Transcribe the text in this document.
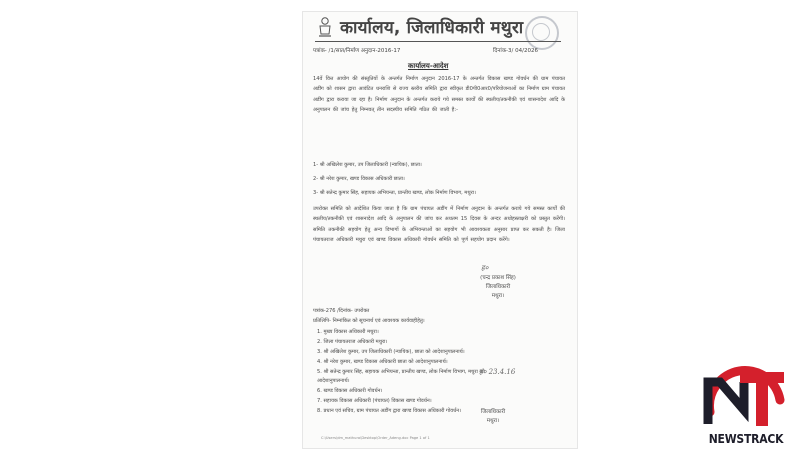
कार्यालय, जिलाधिकारी मथुरा
पत्रांक- /1/सात/निर्माण अनुदान-2016-17	दिनांक-3/ 04/2026
कार्यालय-आदेश
14वें वित्त आयोग की संस्तुतियों के अन्तर्गत निर्माण अनुदान 2016-17 के अन्तर्गत विकास खण्ड गोवर्धन की ग्राम पंचायत अडींग को शासन द्वारा आवंटित धनराशि से राज्य स्तरीय समिति द्वारा स्वीकृत डी0पी0आर0/परियोजनाओं का निर्माण ग्राम पंचायत अडींग द्वारा कराया जा रहा है। निर्माण अनुदान के अन्तर्गत कराये गये समस्त कार्यों की स्थलीय/तकनीकी एवं शासनादेश आदि के अनुपालन की जांच हेतु निम्नवत् तीन सदस्यीय समिति गठित की जाती है:-
1- श्री अखिलेश कुमार, उप जिलाधिकारी (न्यायिक), छाता।
2- श्री नरेश कुमार, खण्ड विकास अधिकारी छाता।
3- श्री सतेन्द्र कुमार सिंह, सहायक अभियन्ता, प्रान्तीय खण्ड, लोक निर्माण विभाग, मथुरा।
उपरोक्त समिति को आदेशित किया जाता है कि ग्राम पंचायत अडींग में निर्माण अनुदान के अन्तर्गत कराये गये समस्त कार्यों की स्थलीय/तकनीकी एवं शासनादेश आदि के अनुपालन की जांच कर अधतम 15 दिवस के अन्दर अधोहस्ताक्षरी को प्रस्तुत करेंगी। समिति तकनीकी सहयोग हेतु अन्य विभागों के अभियन्ताओं का सहयोग भी आवश्यकता अनुसार प्राप्त कर सकती है। जिला पंचायतराज अधिकारी मथुरा एवं खण्ड विकास अधिकारी गोवर्धन समिति को पूर्ण सहयोग प्रदान करेंगे।
ह०
(चन्द्र प्रकाश सिंह)
जिलाधिकारी
मथुरा।
पत्रांक-276 /दिनांक- उपरोक्त
प्रतिलिपि- निम्नांकित को सूचनार्थ एवं आवश्यक कार्यवाहीहेतु।
1. मुख्य विकास अधिकारी मथुरा।
2. जिला पंचायतराज अधिकारी मथुरा।
3. श्री अखिलेश कुमार, उप जिलाधिकारी (न्यायिक), छाता को आदेशानुपालनार्थ।
4. श्री नरेश कुमार, खण्ड विकास अधिकारी छाता को आदेशानुपालनार्थ।
5. श्री सतेन्द्र कुमार सिंह, सहायक अभियन्ता, प्रान्तीय खण्ड, लोक निर्माण विभाग, मथुरा को
आदेशानुपालनार्थ।
6. खण्ड विकास अधिकारी गोवर्धन।
7. सहायक विकास अधिकारी (पंचायत) विकास खण्ड गोवर्धन।
8. प्रधान एवं सचिव, ग्राम पंचायत अडींग द्वारा खण्ड विकास अधिकारी गोवर्धन।
ह० 23.4.16
जिलाधिकारी
मथुरा।
C:\Users\dm_mathura\Desktop\Order_Adeng.doc Page 1 of 1	NEWSTRACK
